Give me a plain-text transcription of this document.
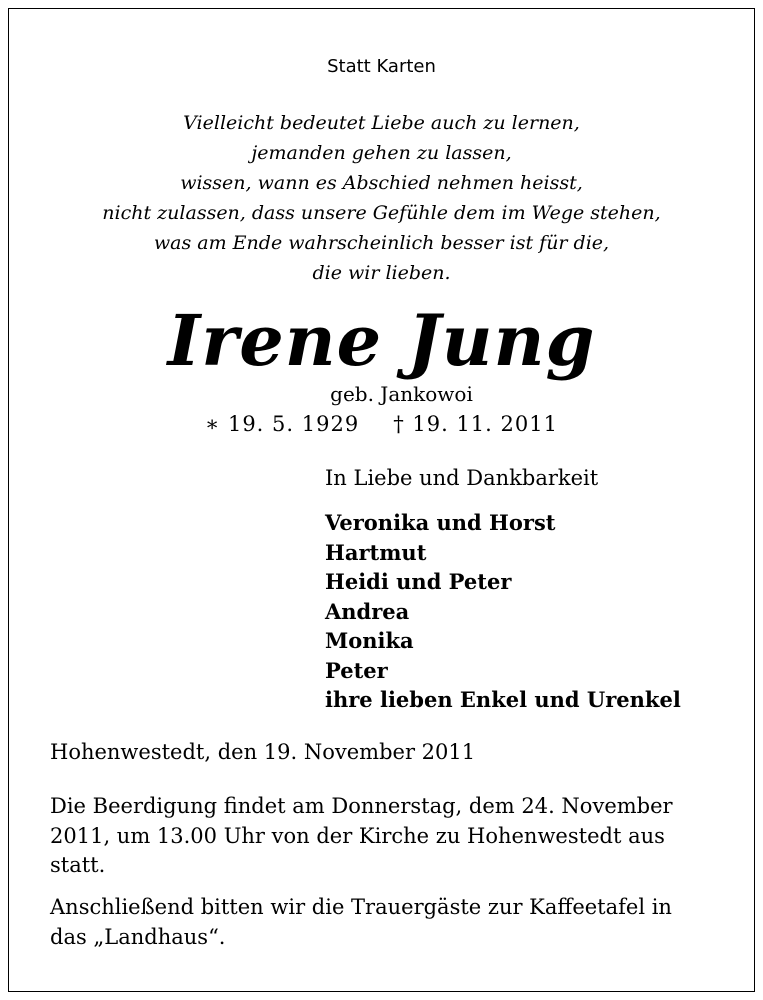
Statt Karten
Vielleicht bedeutet Liebe auch zu lernen,
jemanden gehen zu lassen,
wissen, wann es Abschied nehmen heisst,
nicht zulassen, dass unsere Gefühle dem im Wege stehen,
was am Ende wahrscheinlich besser ist für die,
die wir lieben.
Irene Jung
geb. Jankowoi
∗ 19. 5. 1929 † 19. 11. 2011
In Liebe und Dankbarkeit
Veronika und Horst
Hartmut
Heidi und Peter
Andrea
Monika
Peter
ihre lieben Enkel und Urenkel
Hohenwestedt, den 19. November 2011
Die Beerdigung findet am Donnerstag, dem 24. November
2011, um 13.00 Uhr von der Kirche zu Hohenwestedt aus
statt.
Anschließend bitten wir die Trauergäste zur Kaffeetafel in
das „Landhaus“.
